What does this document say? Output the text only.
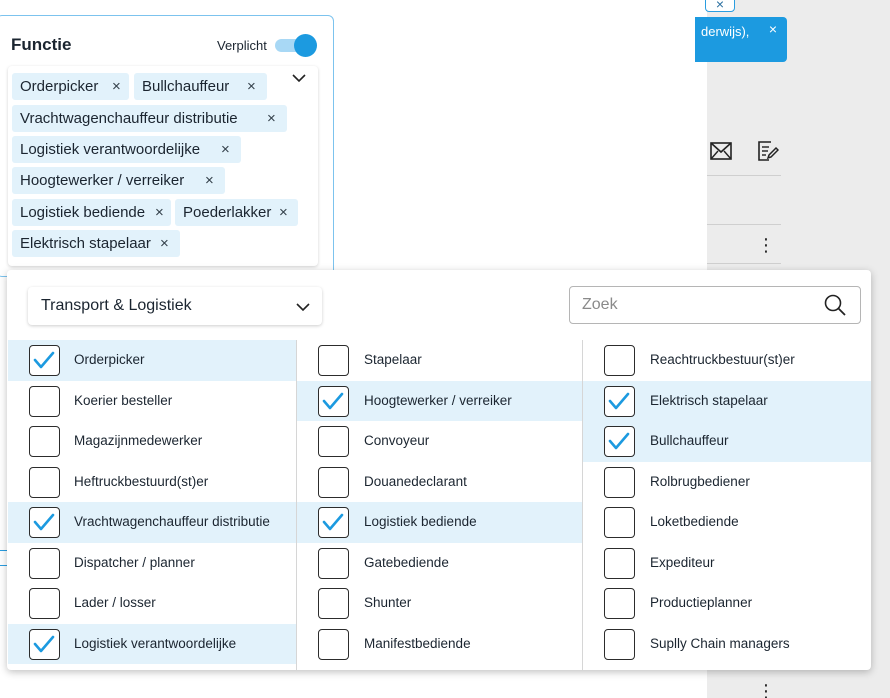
×
derwijs), ×
⋮
⋮
Functie	Verplicht
Orderpicker ×	Bullchauffeur ×
Vrachtwagenchauffeur distributie ×
Logistiek verantwoordelijke ×
Hoogtewerker / verreiker ×
Logistiek bediende ×	Poederlakker ×
Elektrisch stapelaar ×
Transport & Logistiek
Zoek
Orderpicker
Koerier besteller
Magazijnmedewerker
Heftruckbestuurd(st)er
Vrachtwagenchauffeur distributie
Dispatcher / planner
Lader / losser
Logistiek verantwoordelijke
Stapelaar
Hoogtewerker / verreiker
Convoyeur
Douanedeclarant
Logistiek bediende
Gatebediende
Shunter
Manifestbediende
Reachtruckbestuur(st)er
Elektrisch stapelaar
Bullchauffeur
Rolbrugbediener
Loketbediende
Expediteur
Productieplanner
Suplly Chain managers
